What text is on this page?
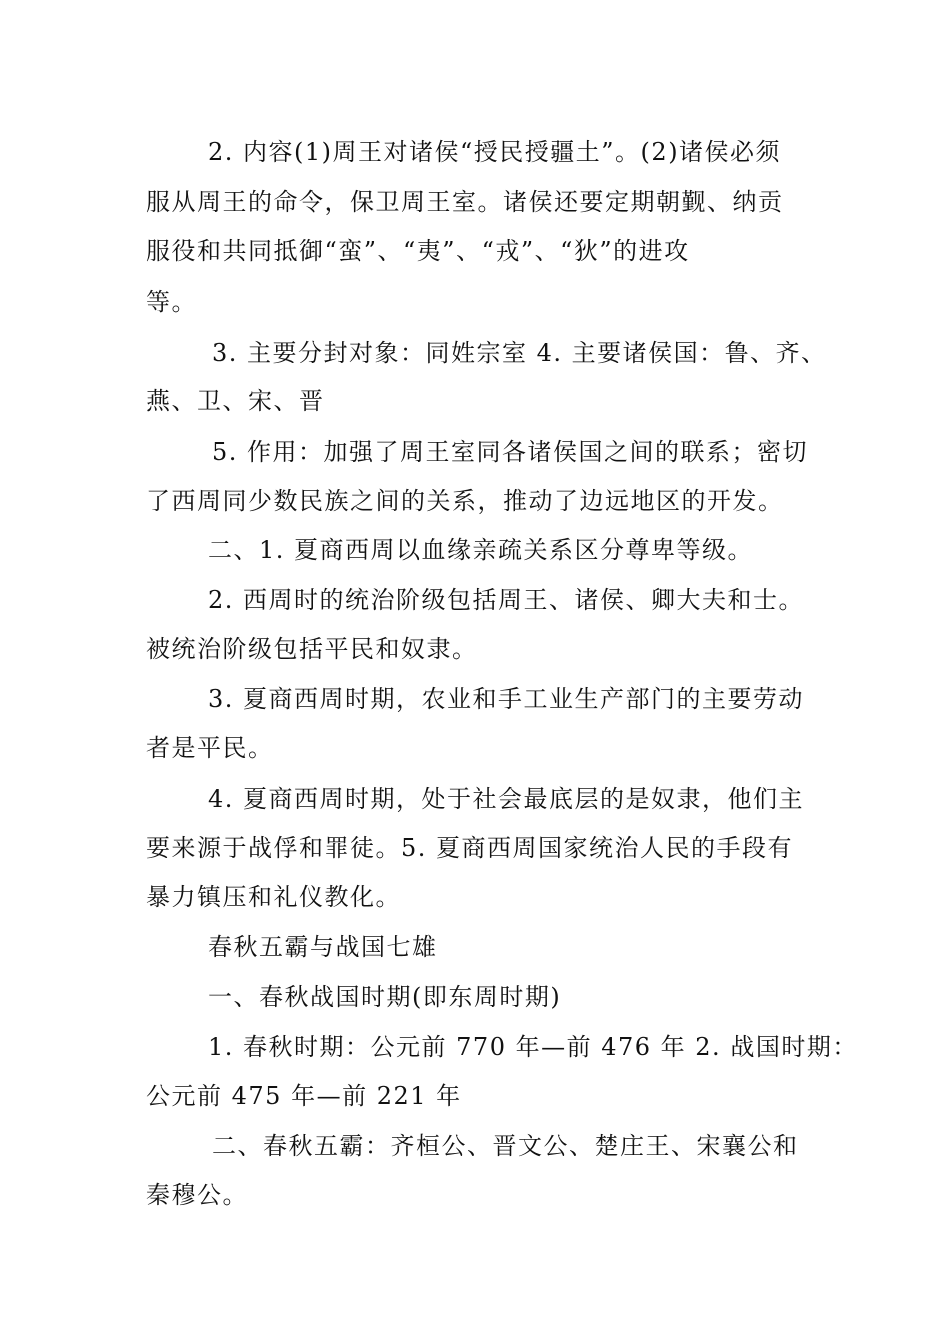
2. 内容(1)周王对诸侯“授民授疆土”。(2)诸侯必须
服从周王的命令，保卫周王室。诸侯还要定期朝觐、纳贡
服役和共同抵御“蛮”、“夷”、“戎”、“狄”的进攻
等。
3. 主要分封对象：同姓宗室 4. 主要诸侯国：鲁、齐、
燕、卫、宋、晋
5. 作用：加强了周王室同各诸侯国之间的联系；密切
了西周同少数民族之间的关系，推动了边远地区的开发。
二、1. 夏商西周以血缘亲疏关系区分尊卑等级。
2. 西周时的统治阶级包括周王、诸侯、卿大夫和士。
被统治阶级包括平民和奴隶。
3. 夏商西周时期，农业和手工业生产部门的主要劳动
者是平民。
4. 夏商西周时期，处于社会最底层的是奴隶，他们主
要来源于战俘和罪徒。5. 夏商西周国家统治人民的手段有
暴力镇压和礼仪教化。
春秋五霸与战国七雄
一、春秋战国时期(即东周时期)
1. 春秋时期：公元前 770 年—前 476 年 2. 战国时期：
公元前 475 年—前 221 年
二、春秋五霸：齐桓公、晋文公、楚庄王、宋襄公和
秦穆公。
